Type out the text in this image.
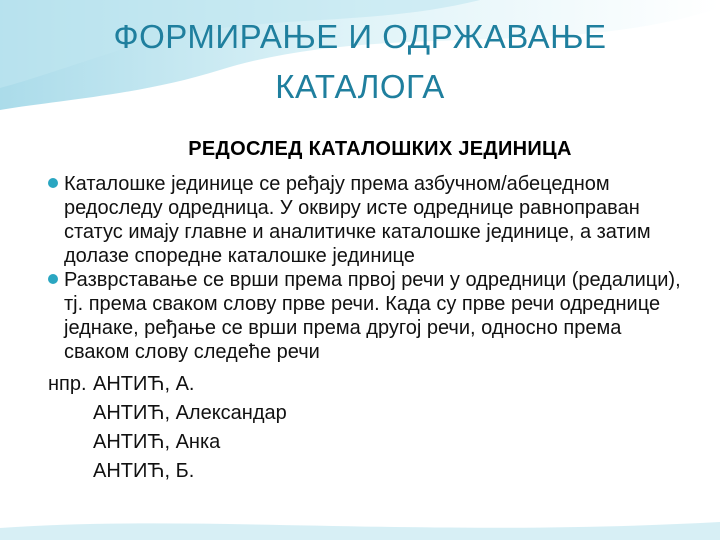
ФОРМИРАЊЕ И ОДРЖАВАЊЕ
КАТАЛОГА
РЕДОСЛЕД КАТАЛОШКИХ ЈЕДИНИЦА
Каталошке јединице се ређају према азбучном/абецедном
редоследу одредница. У оквиру исте одреднице равноправан
статус имају главне и аналитичке каталошке јединице, а затим
долазе споредне каталошке јединице
Разврставање се врши према првој речи у одредници (редалици),
тј. према сваком слову прве речи. Када су прве речи одреднице
једнаке, ређање се врши према другој речи, односно према
сваком слову следеће речи
нпр. АНТИЋ, А.
АНТИЋ, Александар
АНТИЋ, Анка
АНТИЋ, Б.
